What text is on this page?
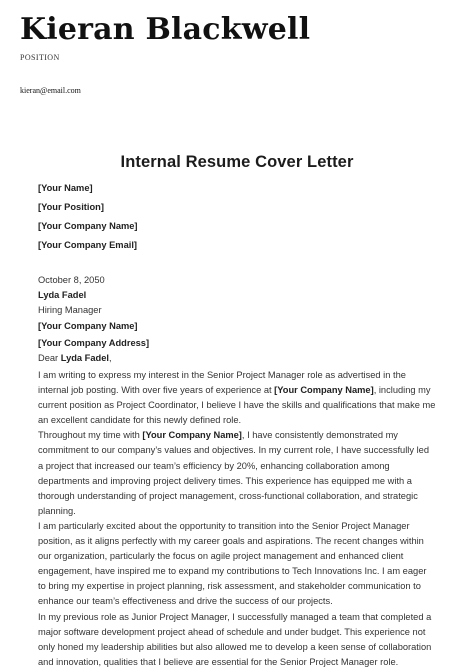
Kieran Blackwell
POSITION
kieran@email.com
Internal Resume Cover Letter
[Your Name]
[Your Position]
[Your Company Name]
[Your Company Email]
October 8, 2050
Lyda Fadel
Hiring Manager
[Your Company Name]
[Your Company Address]
Dear Lyda Fadel,
I am writing to express my interest in the Senior Project Manager role as advertised in the
internal job posting. With over five years of experience at [Your Company Name], including my
current position as Project Coordinator, I believe I have the skills and qualifications that make me
an excellent candidate for this newly defined role.
Throughout my time with [Your Company Name], I have consistently demonstrated my
commitment to our company’s values and objectives. In my current role, I have successfully led
a project that increased our team’s efficiency by 20%, enhancing collaboration among
departments and improving project delivery times. This experience has equipped me with a
thorough understanding of project management, cross-functional collaboration, and strategic
planning.
I am particularly excited about the opportunity to transition into the Senior Project Manager
position, as it aligns perfectly with my career goals and aspirations. The recent changes within
our organization, particularly the focus on agile project management and enhanced client
engagement, have inspired me to expand my contributions to Tech Innovations Inc. I am eager
to bring my expertise in project planning, risk assessment, and stakeholder communication to
enhance our team’s effectiveness and drive the success of our projects.
In my previous role as Junior Project Manager, I successfully managed a team that completed a
major software development project ahead of schedule and under budget. This experience not
only honed my leadership abilities but also allowed me to develop a keen sense of collaboration
and innovation, qualities that I believe are essential for the Senior Project Manager role.
